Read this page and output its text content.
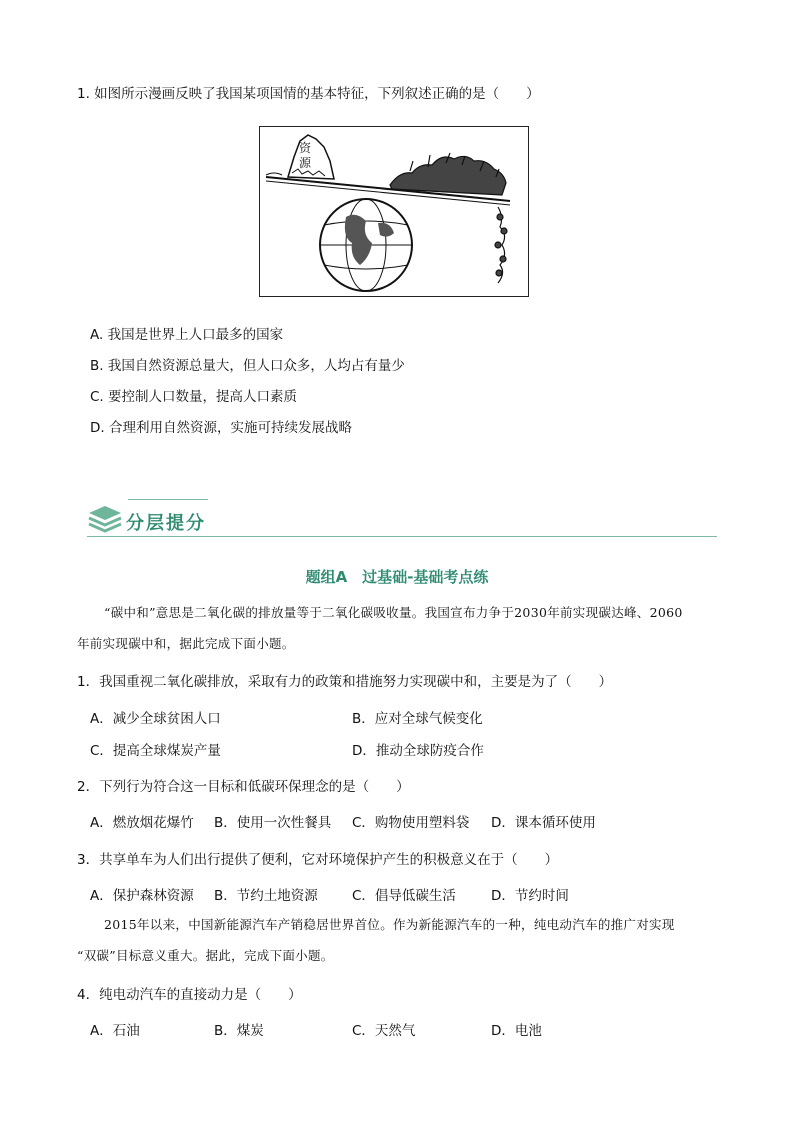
1. 如图所示漫画反映了我国某项国情的基本特征，下列叙述正确的是（　　）
资源
A. 我国是世界上人口最多的国家
B. 我国自然资源总量大，但人口众多，人均占有量少
C. 要控制人口数量，提高人口素质
D. 合理利用自然资源，实施可持续发展战略
分层提分
题组A　过基础-基础考点练
“碳中和”意思是二氧化碳的排放量等于二氧化碳吸收量。我国宣布力争于2030年前实现碳达峰、2060
年前实现碳中和，据此完成下面小题。
1．我国重视二氧化碳排放，采取有力的政策和措施努力实现碳中和，主要是为了（　　）
A．减少全球贫困人口	B．应对全球气候变化
C．提高全球煤炭产量	D．推动全球防疫合作
2．下列行为符合这一目标和低碳环保理念的是（　　）
A．燃放烟花爆竹 B．使用一次性餐具 C．购物使用塑料袋 D．课本循环使用
3．共享单车为人们出行提供了便利，它对环境保护产生的积极意义在于（　　）
A．保护森林资源 B．节约土地资源	C．倡导低碳生活	D．节约时间
2015年以来，中国新能源汽车产销稳居世界首位。作为新能源汽车的一种，纯电动汽车的推广对实现
“双碳”目标意义重大。据此，完成下面小题。
4．纯电动汽车的直接动力是（　　）
A．石油	B．煤炭	C．天然气	D．电池
